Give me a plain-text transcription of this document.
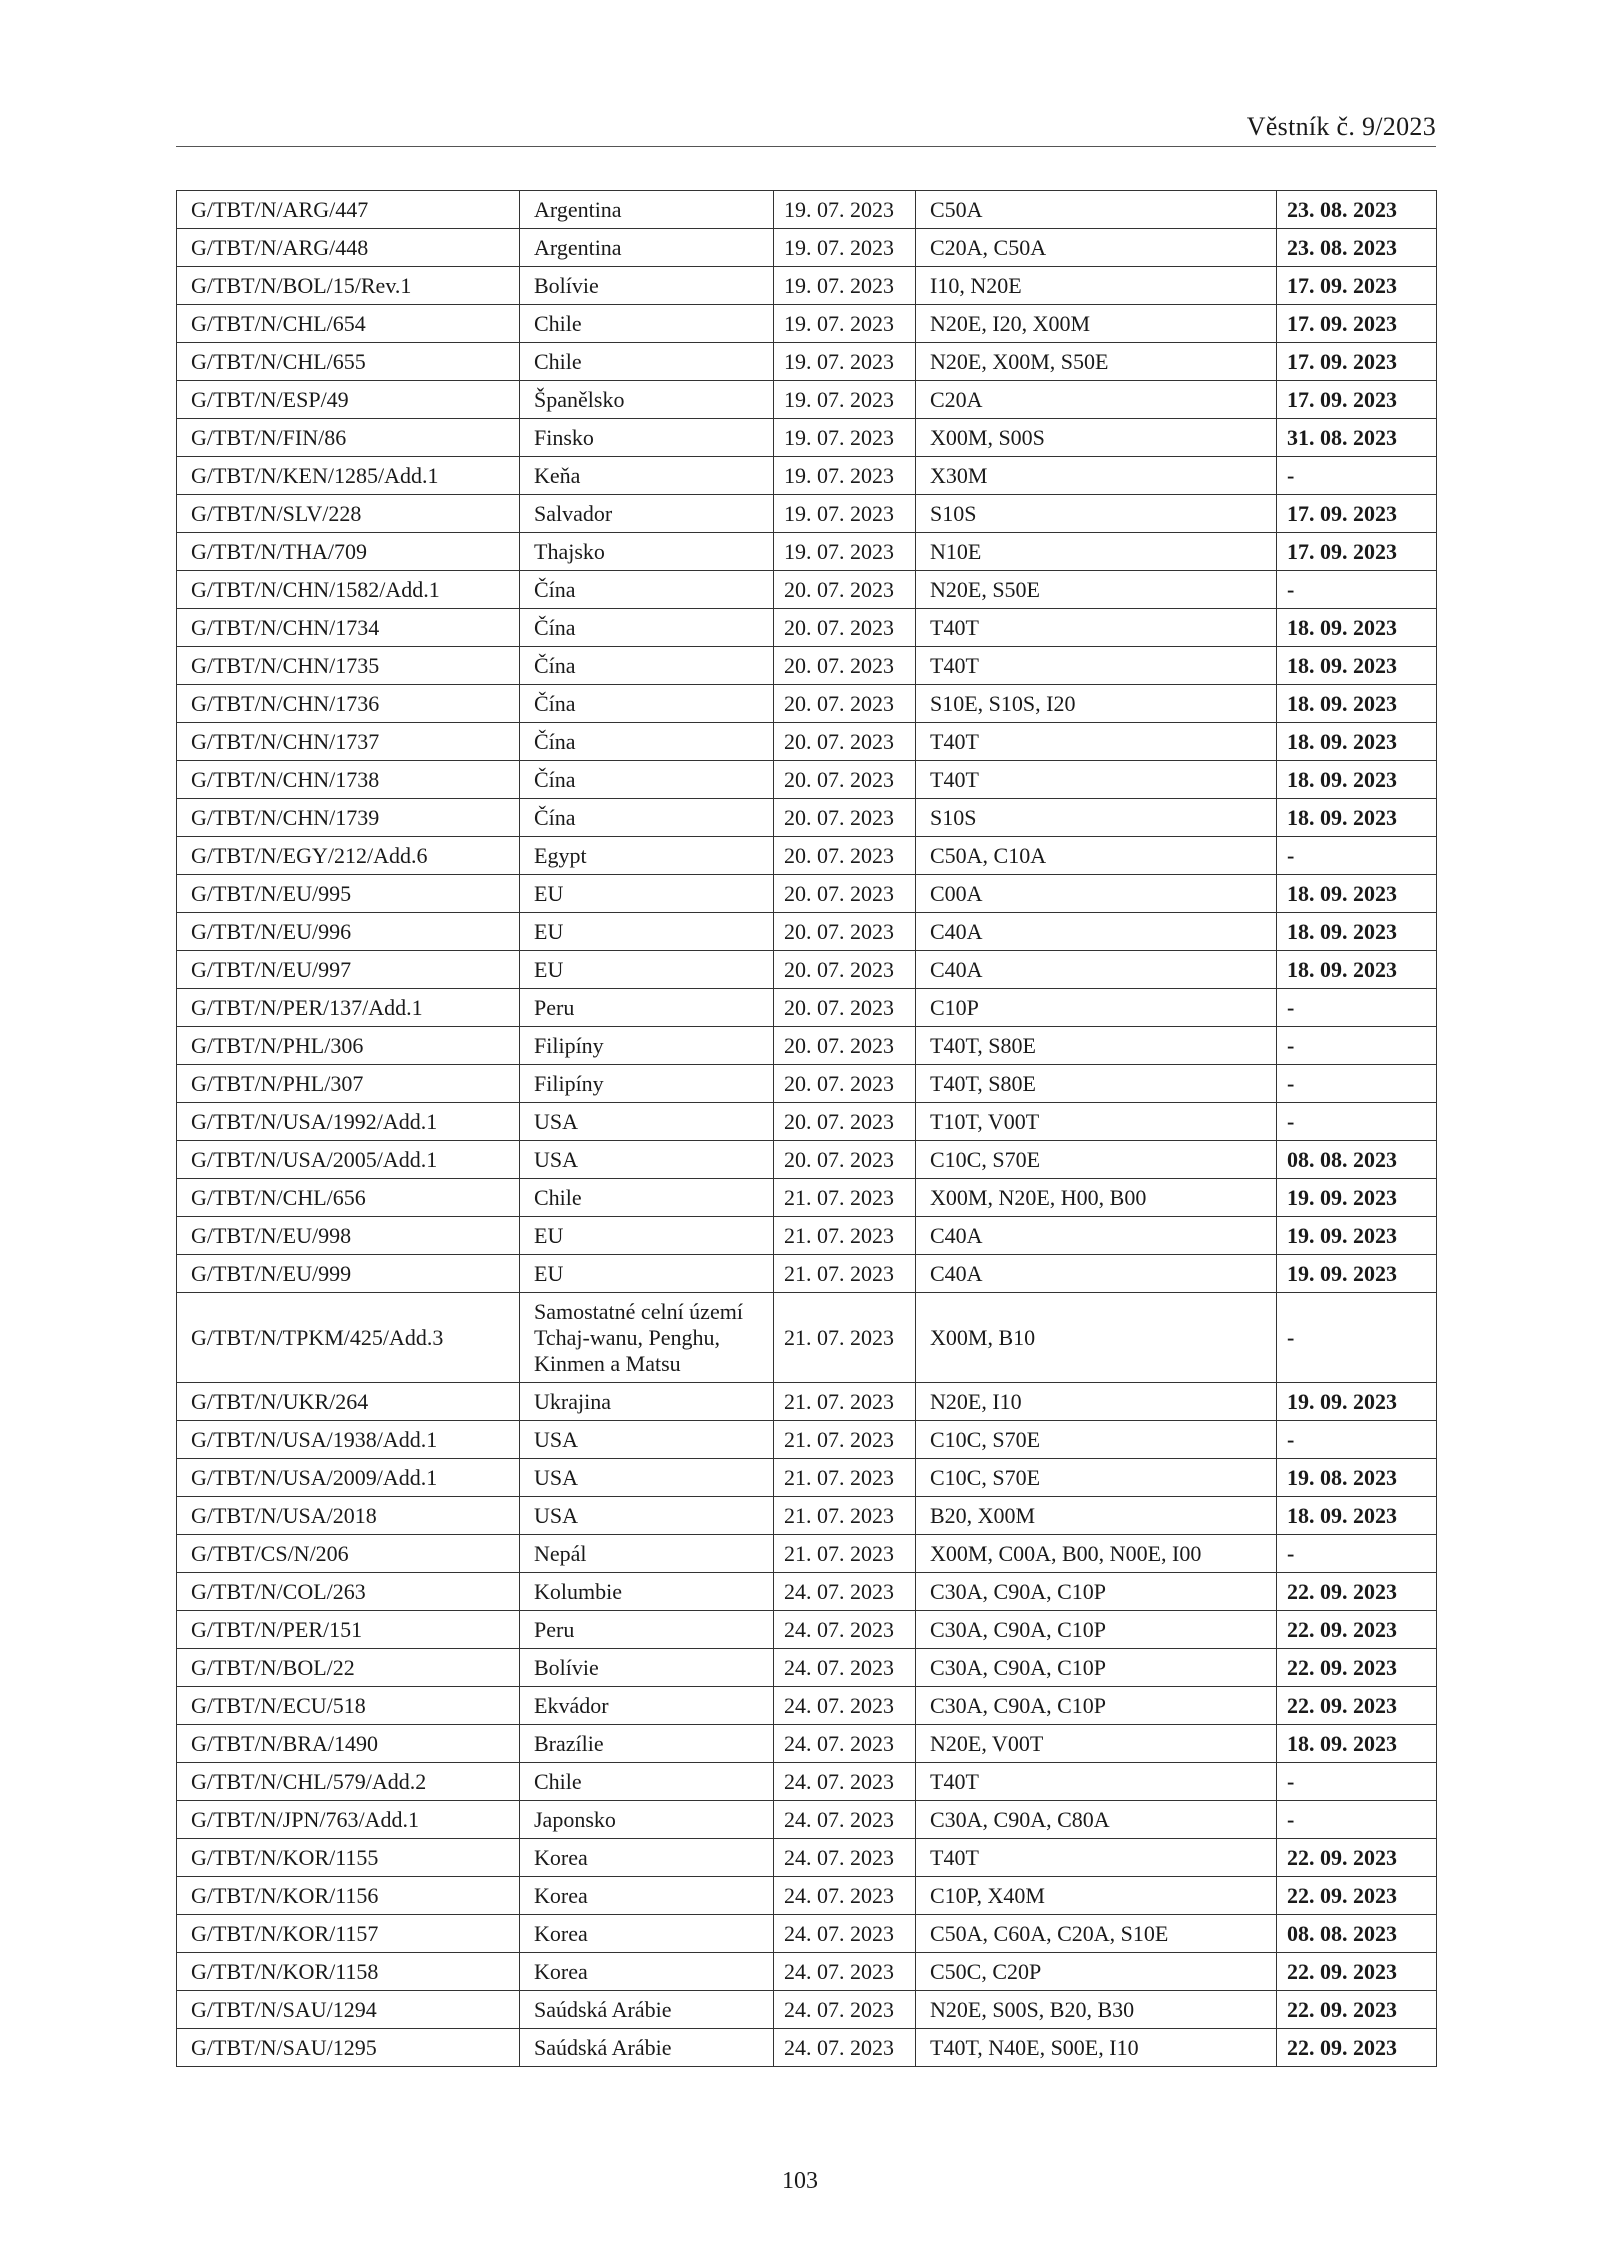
Věstník č. 9/2023
G/TBT/N/ARG/447	Argentina	19. 07. 2023	C50A	23. 08. 2023
G/TBT/N/ARG/448	Argentina	19. 07. 2023	C20A, C50A	23. 08. 2023
G/TBT/N/BOL/15/Rev.1	Bolívie	19. 07. 2023	I10, N20E	17. 09. 2023
G/TBT/N/CHL/654	Chile	19. 07. 2023	N20E, I20, X00M	17. 09. 2023
G/TBT/N/CHL/655	Chile	19. 07. 2023	N20E, X00M, S50E	17. 09. 2023
G/TBT/N/ESP/49	Španělsko	19. 07. 2023	C20A	17. 09. 2023
G/TBT/N/FIN/86	Finsko	19. 07. 2023	X00M, S00S	31. 08. 2023
G/TBT/N/KEN/1285/Add.1	Keňa	19. 07. 2023	X30M	-
G/TBT/N/SLV/228	Salvador	19. 07. 2023	S10S	17. 09. 2023
G/TBT/N/THA/709	Thajsko	19. 07. 2023	N10E	17. 09. 2023
G/TBT/N/CHN/1582/Add.1	Čína	20. 07. 2023	N20E, S50E	-
G/TBT/N/CHN/1734	Čína	20. 07. 2023	T40T	18. 09. 2023
G/TBT/N/CHN/1735	Čína	20. 07. 2023	T40T	18. 09. 2023
G/TBT/N/CHN/1736	Čína	20. 07. 2023	S10E, S10S, I20	18. 09. 2023
G/TBT/N/CHN/1737	Čína	20. 07. 2023	T40T	18. 09. 2023
G/TBT/N/CHN/1738	Čína	20. 07. 2023	T40T	18. 09. 2023
G/TBT/N/CHN/1739	Čína	20. 07. 2023	S10S	18. 09. 2023
G/TBT/N/EGY/212/Add.6	Egypt	20. 07. 2023	C50A, C10A	-
G/TBT/N/EU/995	EU	20. 07. 2023	C00A	18. 09. 2023
G/TBT/N/EU/996	EU	20. 07. 2023	C40A	18. 09. 2023
G/TBT/N/EU/997	EU	20. 07. 2023	C40A	18. 09. 2023
G/TBT/N/PER/137/Add.1	Peru	20. 07. 2023	C10P	-
G/TBT/N/PHL/306	Filipíny	20. 07. 2023	T40T, S80E	-
G/TBT/N/PHL/307	Filipíny	20. 07. 2023	T40T, S80E	-
G/TBT/N/USA/1992/Add.1	USA	20. 07. 2023	T10T, V00T	-
G/TBT/N/USA/2005/Add.1	USA	20. 07. 2023	C10C, S70E	08. 08. 2023
G/TBT/N/CHL/656	Chile	21. 07. 2023	X00M, N20E, H00, B00	19. 09. 2023
G/TBT/N/EU/998	EU	21. 07. 2023	C40A	19. 09. 2023
G/TBT/N/EU/999	EU	21. 07. 2023	C40A	19. 09. 2023
G/TBT/N/TPKM/425/Add.3	Samostatné celní území Tchaj-wanu, Penghu, Kinmen a Matsu	21. 07. 2023	X00M, B10	-
G/TBT/N/UKR/264	Ukrajina	21. 07. 2023	N20E, I10	19. 09. 2023
G/TBT/N/USA/1938/Add.1	USA	21. 07. 2023	C10C, S70E	-
G/TBT/N/USA/2009/Add.1	USA	21. 07. 2023	C10C, S70E	19. 08. 2023
G/TBT/N/USA/2018	USA	21. 07. 2023	B20, X00M	18. 09. 2023
G/TBT/CS/N/206	Nepál	21. 07. 2023	X00M, C00A, B00, N00E, I00	-
G/TBT/N/COL/263	Kolumbie	24. 07. 2023	C30A, C90A, C10P	22. 09. 2023
G/TBT/N/PER/151	Peru	24. 07. 2023	C30A, C90A, C10P	22. 09. 2023
G/TBT/N/BOL/22	Bolívie	24. 07. 2023	C30A, C90A, C10P	22. 09. 2023
G/TBT/N/ECU/518	Ekvádor	24. 07. 2023	C30A, C90A, C10P	22. 09. 2023
G/TBT/N/BRA/1490	Brazílie	24. 07. 2023	N20E, V00T	18. 09. 2023
G/TBT/N/CHL/579/Add.2	Chile	24. 07. 2023	T40T	-
G/TBT/N/JPN/763/Add.1	Japonsko	24. 07. 2023	C30A, C90A, C80A	-
G/TBT/N/KOR/1155	Korea	24. 07. 2023	T40T	22. 09. 2023
G/TBT/N/KOR/1156	Korea	24. 07. 2023	C10P, X40M	22. 09. 2023
G/TBT/N/KOR/1157	Korea	24. 07. 2023	C50A, C60A, C20A, S10E	08. 08. 2023
G/TBT/N/KOR/1158	Korea	24. 07. 2023	C50C, C20P	22. 09. 2023
G/TBT/N/SAU/1294	Saúdská Arábie	24. 07. 2023	N20E, S00S, B20, B30	22. 09. 2023
G/TBT/N/SAU/1295	Saúdská Arábie	24. 07. 2023	T40T, N40E, S00E, I10	22. 09. 2023
103
